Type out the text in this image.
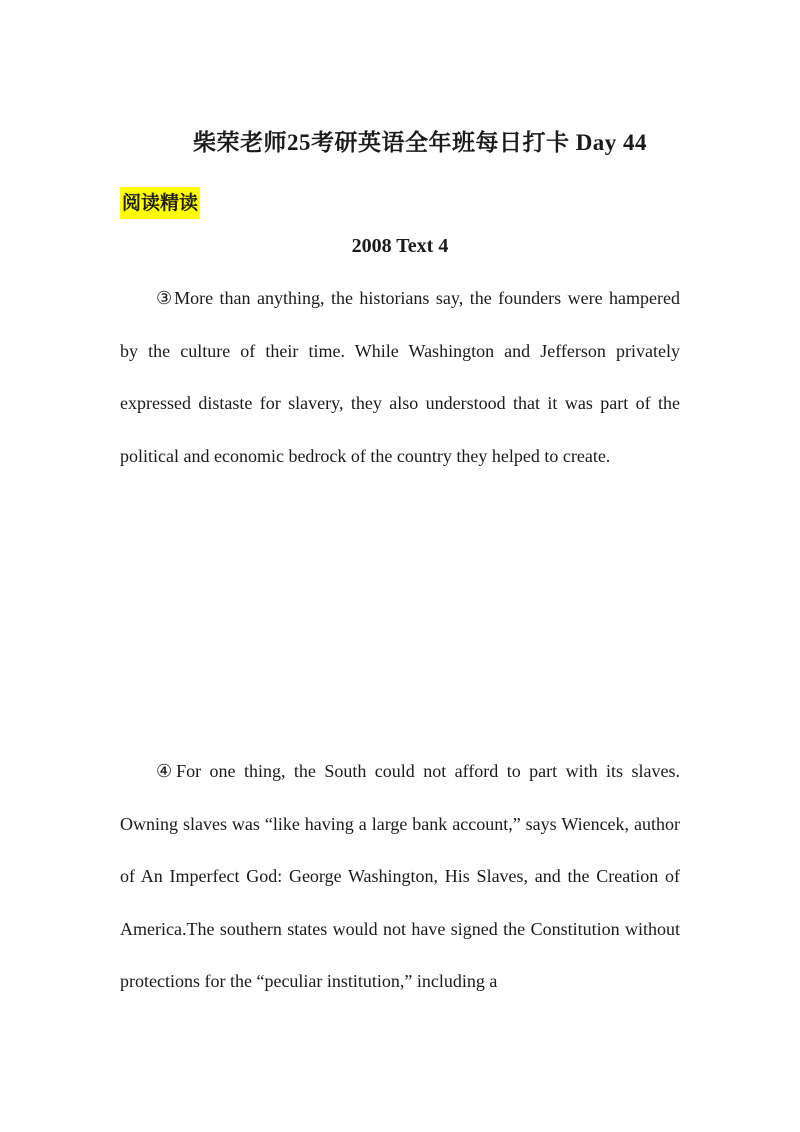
柴荣老师25考研英语全年班每日打卡 Day 44
阅读精读
2008 Text 4

③More than anything, the historians say, the founders were hampered by the culture of their time. While Washington and Jefferson privately expressed distaste for slavery, they also understood that it was part of the political and economic bedrock of the country they helped to create.

④For one thing, the South could not afford to part with its slaves. Owning slaves was “like having a large bank account,” says Wiencek, author of An Imperfect God: George Washington, His Slaves, and the Creation of America.The southern states would not have signed the Constitution without protections for the “peculiar institution,” including a
